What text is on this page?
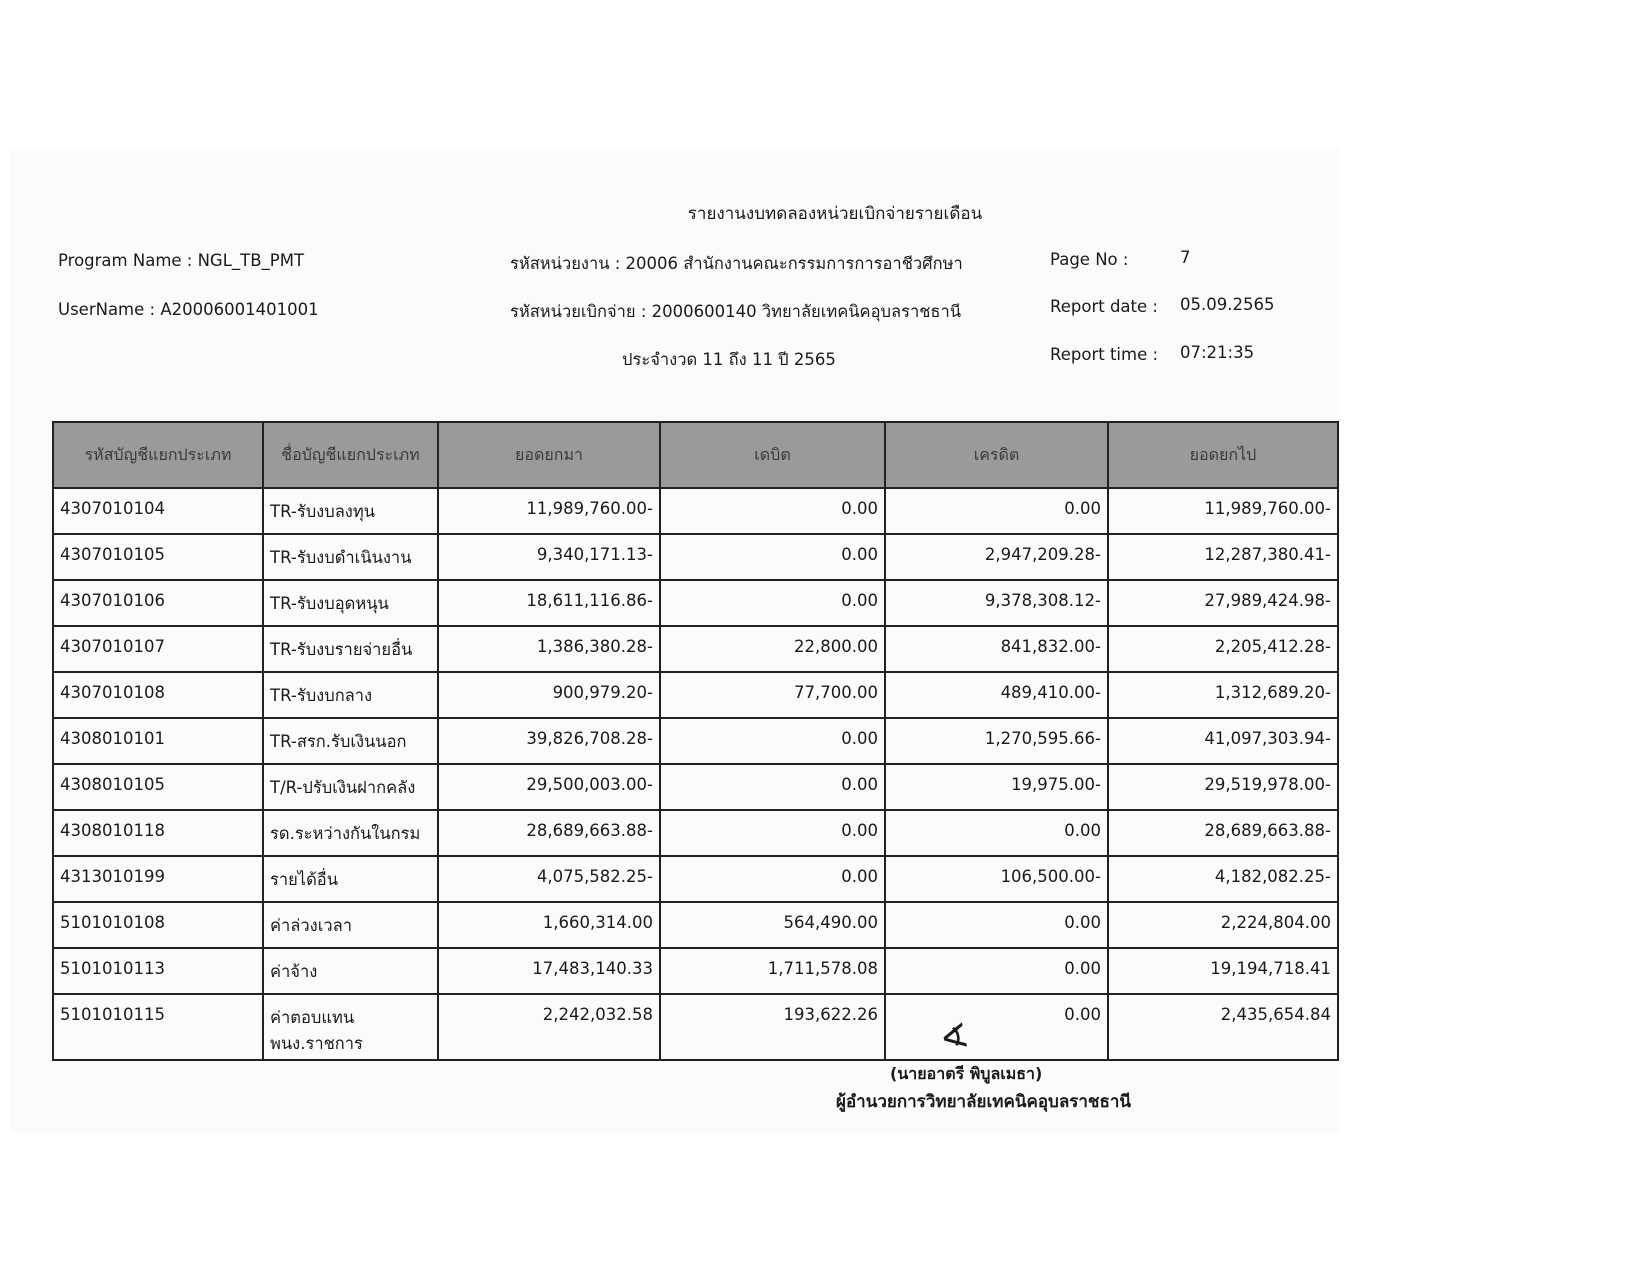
รายงานงบทดลองหน่วยเบิกจ่ายรายเดือน
Program Name : NGL_TB_PMT
UserName : A20006001401001
รหัสหน่วยงาน : 20006 สำนักงานคณะกรรมการการอาชีวศึกษา
รหัสหน่วยเบิกจ่าย : 2000600140 วิทยาลัยเทคนิคอุบลราชธานี
ประจำงวด 11 ถึง 11 ปี 2565
Page No :	7
Report date : 05.09.2565
Report time : 07:21:35
รหัสบัญชีแยกประเภท	ชื่อบัญชีแยกประเภท	ยอดยกมา	เดบิต	เครดิต	ยอดยกไป
4307010104	TR-รับงบลงทุน	11,989,760.00-	0.00	0.00	11,989,760.00-
4307010105	TR-รับงบดำเนินงาน	9,340,171.13-	0.00	2,947,209.28-	12,287,380.41-
4307010106	TR-รับงบอุดหนุน	18,611,116.86-	0.00	9,378,308.12-	27,989,424.98-
4307010107	TR-รับงบรายจ่ายอื่น	1,386,380.28-	22,800.00	841,832.00-	2,205,412.28-
4307010108	TR-รับงบกลาง	900,979.20-	77,700.00	489,410.00-	1,312,689.20-
4308010101	TR-สรก.รับเงินนอก	39,826,708.28-	0.00	1,270,595.66-	41,097,303.94-
4308010105	T/R-ปรับเงินฝากคลัง	29,500,003.00-	0.00	19,975.00-	29,519,978.00-
4308010118	รด.ระหว่างกันในกรม	28,689,663.88-	0.00	0.00	28,689,663.88-
4313010199	รายได้อื่น	4,075,582.25-	0.00	106,500.00-	4,182,082.25-
5101010108	ค่าล่วงเวลา	1,660,314.00	564,490.00	0.00	2,224,804.00
5101010113	ค่าจ้าง	17,483,140.33	1,711,578.08	0.00	19,194,718.41
5101010115	ค่าตอบแทนพนง.ราชการ	2,242,032.58	193,622.26	0.00	2,435,654.84
∢
(นายอาตรี พิบูลเมธา)
ผู้อำนวยการวิทยาลัยเทคนิคอุบลราชธานี
